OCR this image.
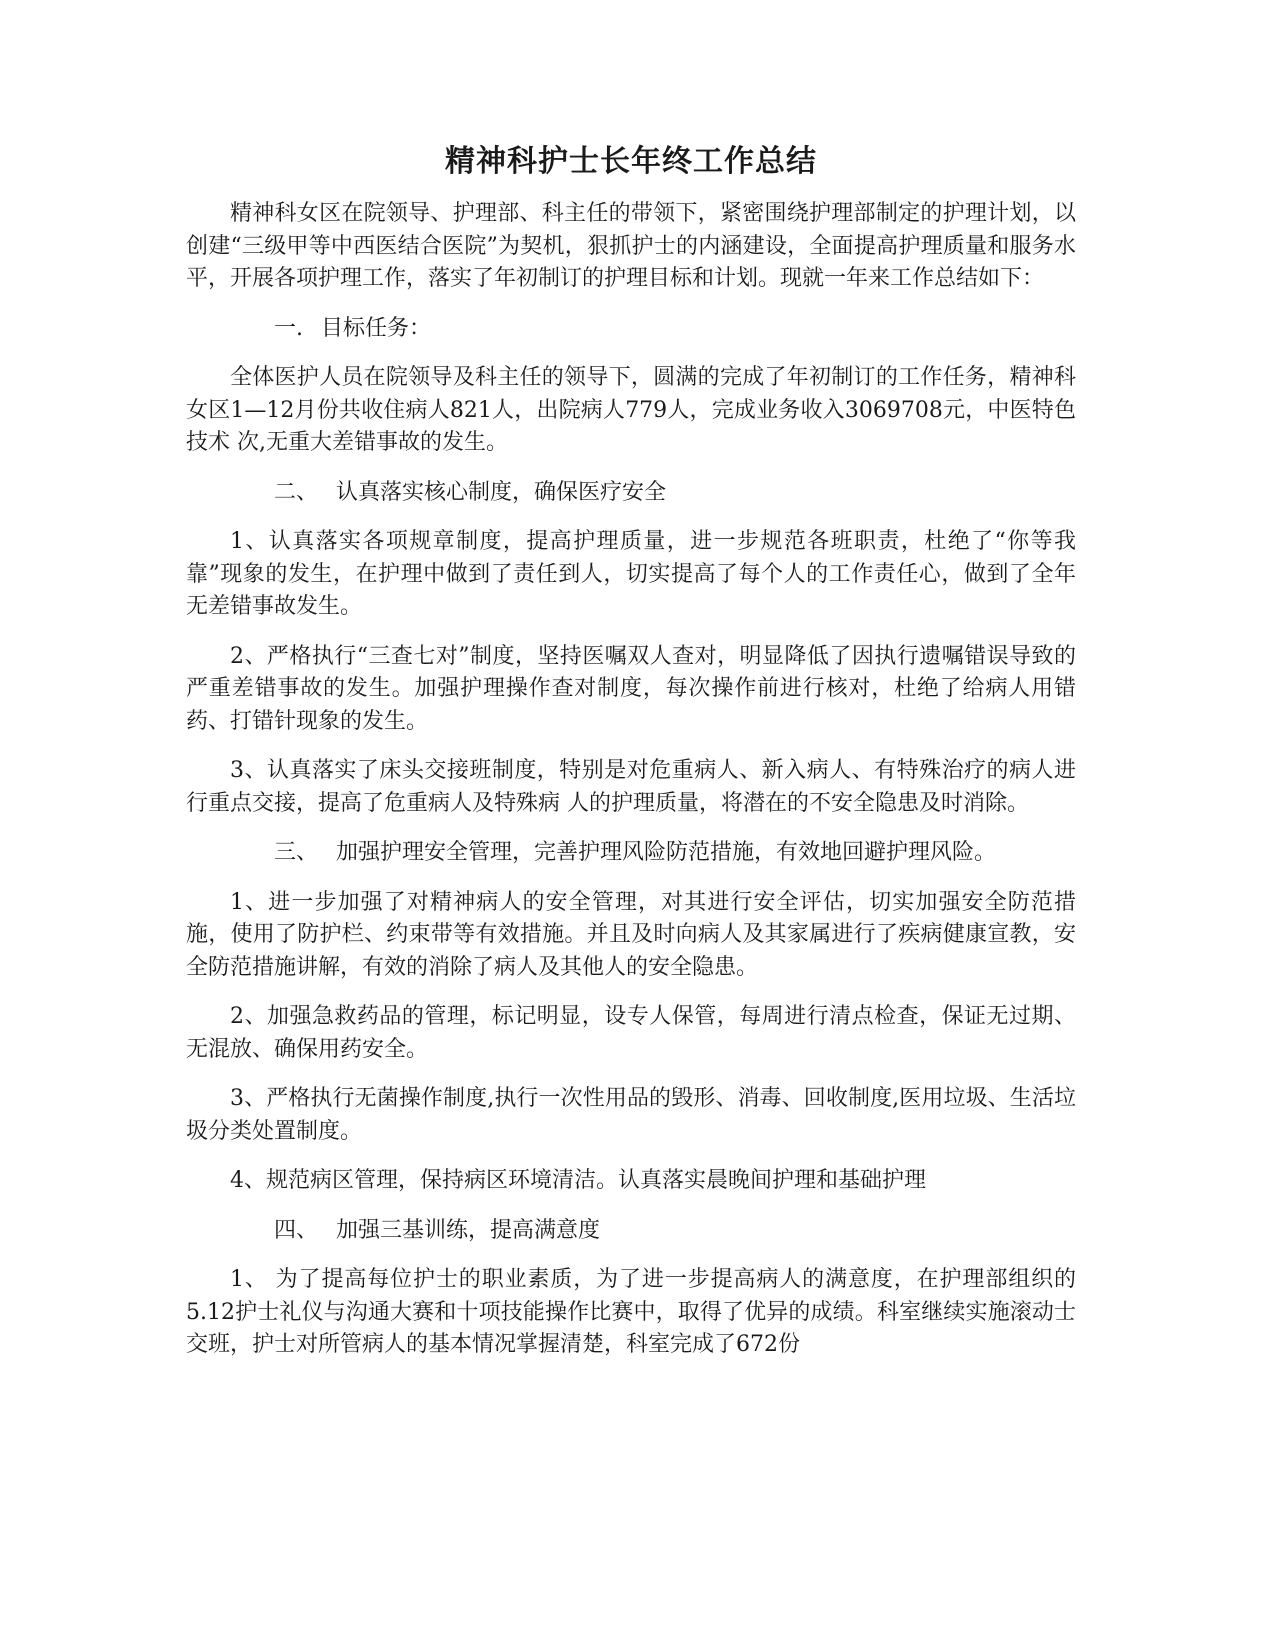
精神科护士长年终工作总结

精神科女区在院领导、护理部、科主任的带领下，紧密围绕护理部制定的护理计划，以创建“三级甲等中西医结合医院”为契机，狠抓护士的内涵建设，全面提高护理质量和服务水平，开展各项护理工作，落实了年初制订的护理目标和计划。现就一年来工作总结如下：

一. 目标任务：

全体医护人员在院领导及科主任的领导下，圆满的完成了年初制订的工作任务，精神科女区1—12月份共收住病人821人，出院病人779人，完成业务收入3069708元，中医特色技术 次,无重大差错事故的发生。

二、 认真落实核心制度，确保医疗安全

1、认真落实各项规章制度，提高护理质量，进一步规范各班职责，杜绝了“你等我靠”现象的发生，在护理中做到了责任到人，切实提高了每个人的工作责任心，做到了全年无差错事故发生。

2、严格执行“三查七对”制度，坚持医嘱双人查对，明显降低了因执行遗嘱错误导致的严重差错事故的发生。加强护理操作查对制度，每次操作前进行核对，杜绝了给病人用错药、打错针现象的发生。

3、认真落实了床头交接班制度，特别是对危重病人、新入病人、有特殊治疗的病人进行重点交接，提高了危重病人及特殊病 人的护理质量，将潜在的不安全隐患及时消除。

三、 加强护理安全管理，完善护理风险防范措施，有效地回避护理风险。

1、进一步加强了对精神病人的安全管理，对其进行安全评估，切实加强安全防范措施，使用了防护栏、约束带等有效措施。并且及时向病人及其家属进行了疾病健康宣教，安全防范措施讲解，有效的消除了病人及其他人的安全隐患。

2、加强急救药品的管理，标记明显，设专人保管，每周进行清点检查，保证无过期、无混放、确保用药安全。

3、严格执行无菌操作制度,执行一次性用品的毁形、消毒、回收制度,医用垃圾、生活垃圾分类处置制度。

4、规范病区管理，保持病区环境清洁。认真落实晨晚间护理和基础护理

四、 加强三基训练，提高满意度

1、 为了提高每位护士的职业素质，为了进一步提高病人的满意度，在护理部组织的5.12护士礼仪与沟通大赛和十项技能操作比赛中，取得了优异的成绩。科室继续实施滚动士交班，护士对所管病人的基本情况掌握清楚，科室完成了672份
